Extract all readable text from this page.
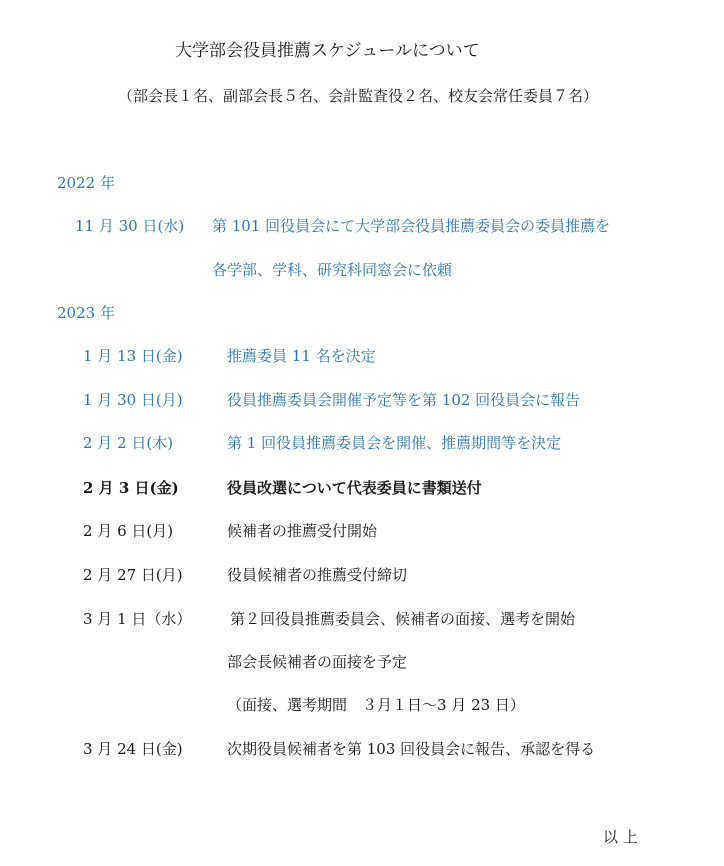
大学部会役員推薦スケジュールについて
（部会長１名、副部会長５名、会計監査役２名、校友会常任委員７名）
2022 年
11 月 30 日(水) 第 101 回役員会にて大学部会役員推薦委員会の委員推薦を
各学部、学科、研究科同窓会に依頼
2023 年
1 月 13 日(金)	推薦委員 11 名を決定
1 月 30 日(月)	役員推薦委員会開催予定等を第 102 回役員会に報告
2 月 2 日(木)	第 1 回役員推薦委員会を開催、推薦期間等を決定
2 月 3 日(金)	役員改選について代表委員に書類送付
2 月 6 日(月)	候補者の推薦受付開始
2 月 27 日(月)	役員候補者の推薦受付締切
3 月 1 日（水）	第２回役員推薦委員会、候補者の面接、選考を開始
部会長候補者の面接を予定
（面接、選考期間　３月１日～3 月 23 日）
3 月 24 日(金)	次期役員候補者を第 103 回役員会に報告、承認を得る
以 上
